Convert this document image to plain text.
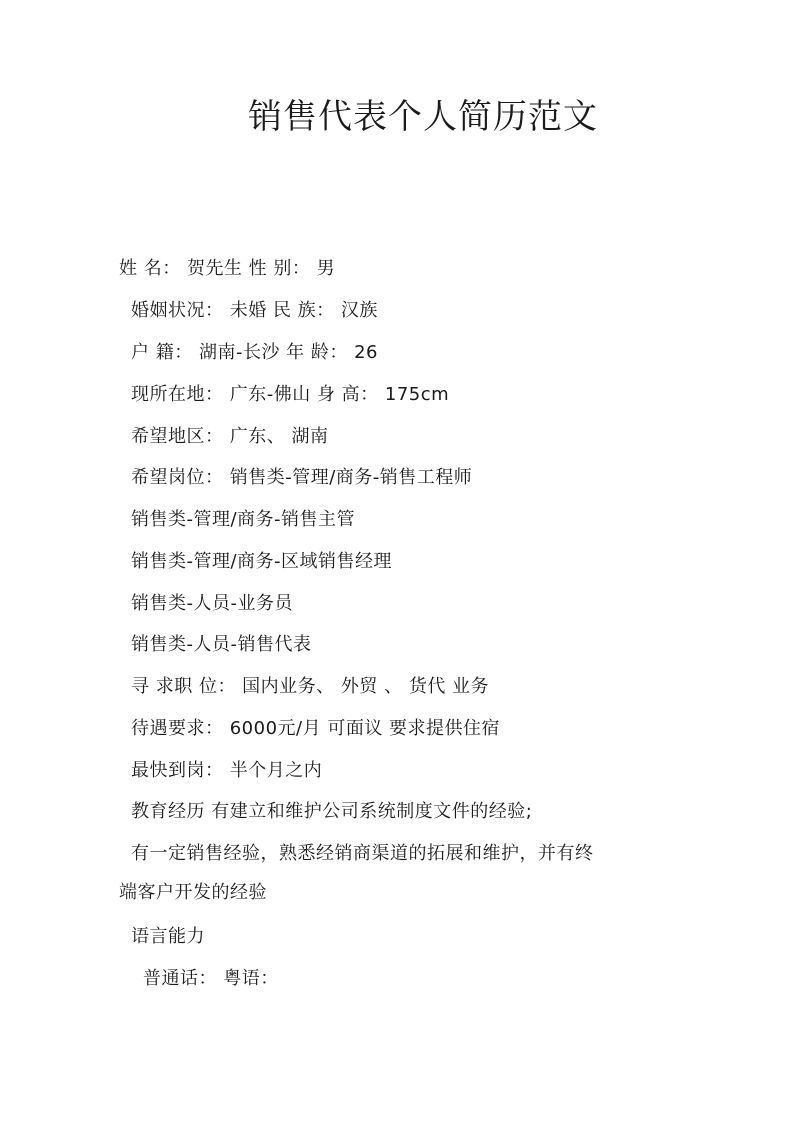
销售代表个人简历范文
姓 名： 贺先生 性 别： 男
婚姻状况： 未婚 民 族： 汉族
户 籍： 湖南-长沙 年 龄： 26
现所在地： 广东-佛山 身 高： 175cm
希望地区： 广东、 湖南
希望岗位： 销售类-管理/商务-销售工程师
销售类-管理/商务-销售主管
销售类-管理/商务-区域销售经理
销售类-人员-业务员
销售类-人员-销售代表
寻 求职 位： 国内业务、 外贸 、 货代 业务
待遇要求： 6000元/月 可面议 要求提供住宿
最快到岗： 半个月之内
教育经历 有建立和维护公司系统制度文件的经验;
有一定销售经验，熟悉经销商渠道的拓展和维护，并有终
端客户开发的经验
语言能力
普通话： 粤语：
